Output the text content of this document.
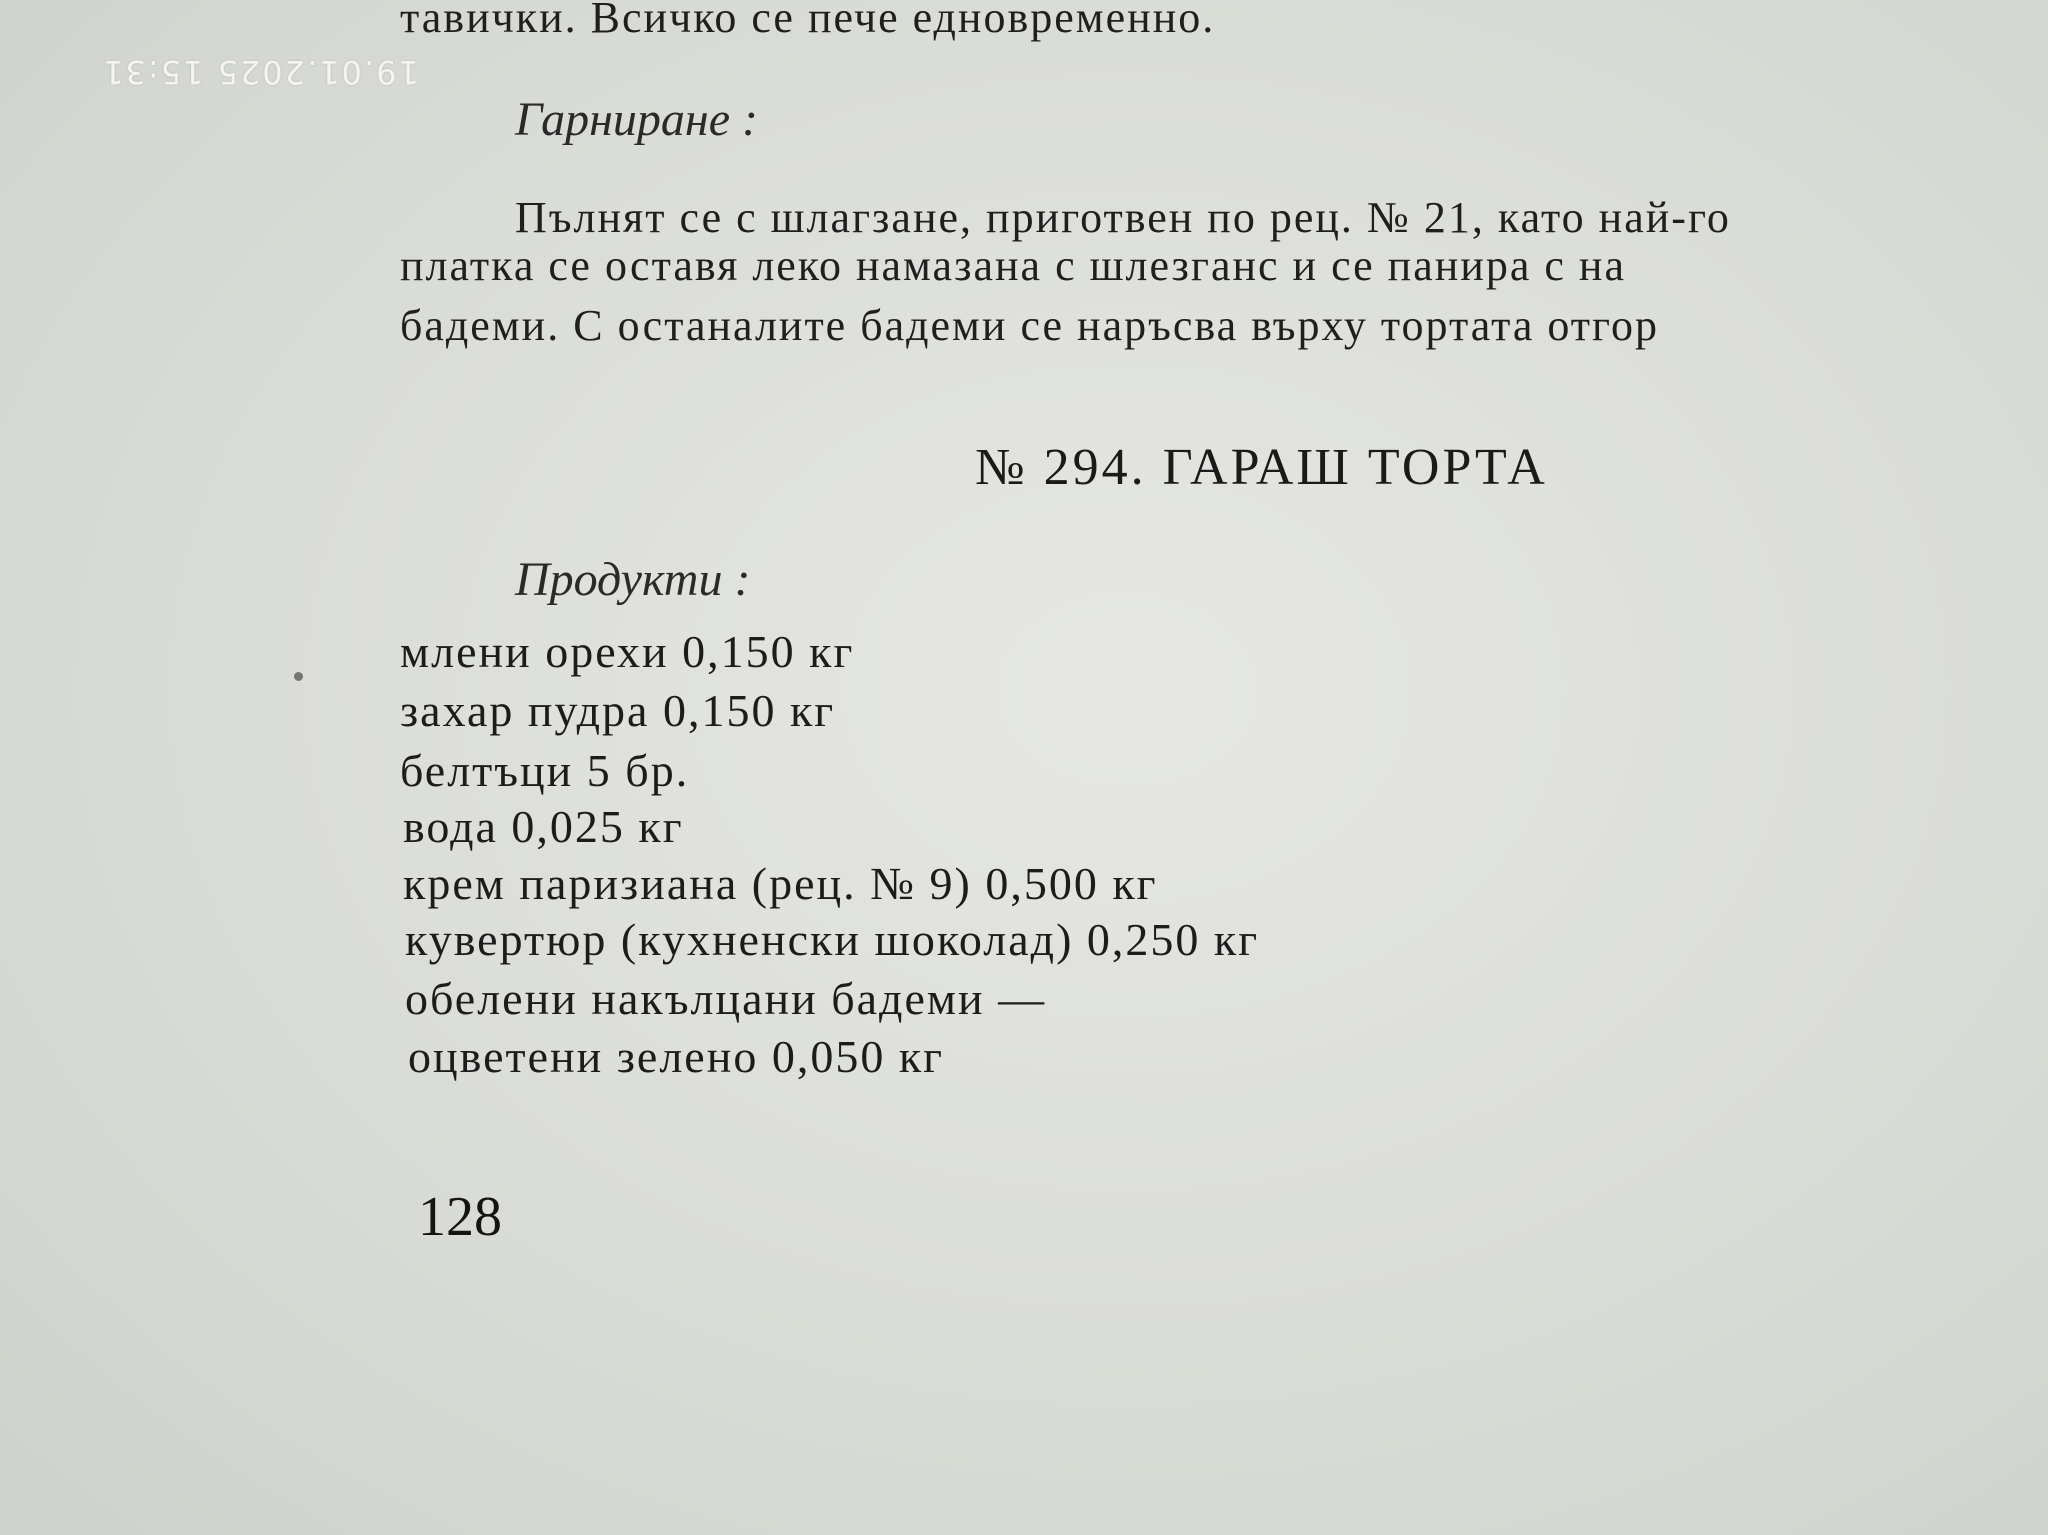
19.01.2025 15:31
тавички. Всичко се пече едновременно.
Гарниране :
Пълнят се с шлагзане, приготвен по рец. № 21, като най-го
платка се оставя леко намазана с шлезганс и се панира с на
бадеми. С останалите бадеми се наръсва върху тортата отгор
№ 294. ГАРАШ ТОРТА
Продукти :
млени орехи 0,150 кг
захар пудра 0,150 кг
белтъци 5 бр.
вода 0,025 кг
крем паризиана (рец. № 9) 0,500 кг
кувертюр (кухненски шоколад) 0,250 кг
обелени накълцани бадеми —
оцветени зелено 0,050 кг
128
